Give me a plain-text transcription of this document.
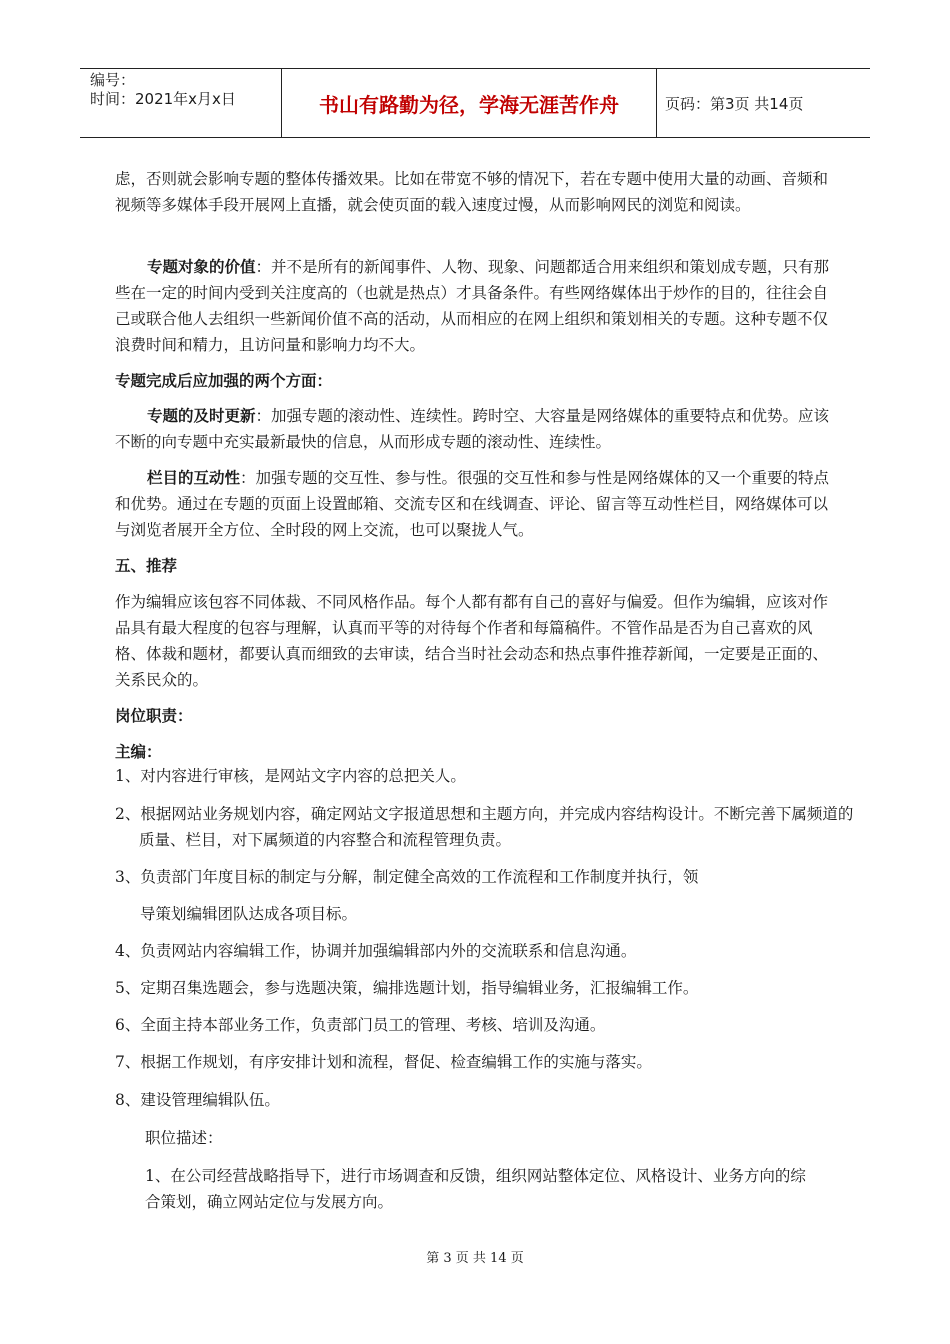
编号：
时间：2021年x月x日	书山有路勤为径，学海无涯苦作舟	页码：第3页 共14页

虑，否则就会影响专题的整体传播效果。比如在带宽不够的情况下，若在专题中使用大量的动画、音频和视频等多媒体手段开展网上直播，就会使页面的载入速度过慢，从而影响网民的浏览和阅读。

专题对象的价值：并不是所有的新闻事件、人物、现象、问题都适合用来组织和策划成专题，只有那些在一定的时间内受到关注度高的（也就是热点）才具备条件。有些网络媒体出于炒作的目的，往往会自己或联合他人去组织一些新闻价值不高的活动，从而相应的在网上组织和策划相关的专题。这种专题不仅浪费时间和精力，且访问量和影响力均不大。

专题完成后应加强的两个方面：

专题的及时更新：加强专题的滚动性、连续性。跨时空、大容量是网络媒体的重要特点和优势。应该不断的向专题中充实最新最快的信息，从而形成专题的滚动性、连续性。

栏目的互动性：加强专题的交互性、参与性。很强的交互性和参与性是网络媒体的又一个重要的特点和优势。通过在专题的页面上设置邮箱、交流专区和在线调查、评论、留言等互动性栏目，网络媒体可以与浏览者展开全方位、全时段的网上交流，也可以聚拢人气。

五、推荐

作为编辑应该包容不同体裁、不同风格作品。每个人都有都有自己的喜好与偏爱。但作为编辑，应该对作品具有最大程度的包容与理解，认真而平等的对待每个作者和每篇稿件。不管作品是否为自己喜欢的风格、体裁和题材，都要认真而细致的去审读，结合当时社会动态和热点事件推荐新闻，一定要是正面的、关系民众的。

岗位职责：

主编：

1、对内容进行审核，是网站文字内容的总把关人。

2、根据网站业务规划内容，确定网站文字报道思想和主题方向，并完成内容结构设计。不断完善下属频道的质量、栏目，对下属频道的内容整合和流程管理负责。

3、负责部门年度目标的制定与分解，制定健全高效的工作流程和工作制度并执行，领

导策划编辑团队达成各项目标。

4、负责网站内容编辑工作，协调并加强编辑部内外的交流联系和信息沟通。

5、定期召集选题会，参与选题决策，编排选题计划，指导编辑业务，汇报编辑工作。

6、全面主持本部业务工作，负责部门员工的管理、考核、培训及沟通。

7、根据工作规划，有序安排计划和流程，督促、检查编辑工作的实施与落实。

8、建设管理编辑队伍。

职位描述：

1、在公司经营战略指导下，进行市场调查和反馈，组织网站整体定位、风格设计、业务方向的综合策划，确立网站定位与发展方向。

第 3 页 共 14 页
